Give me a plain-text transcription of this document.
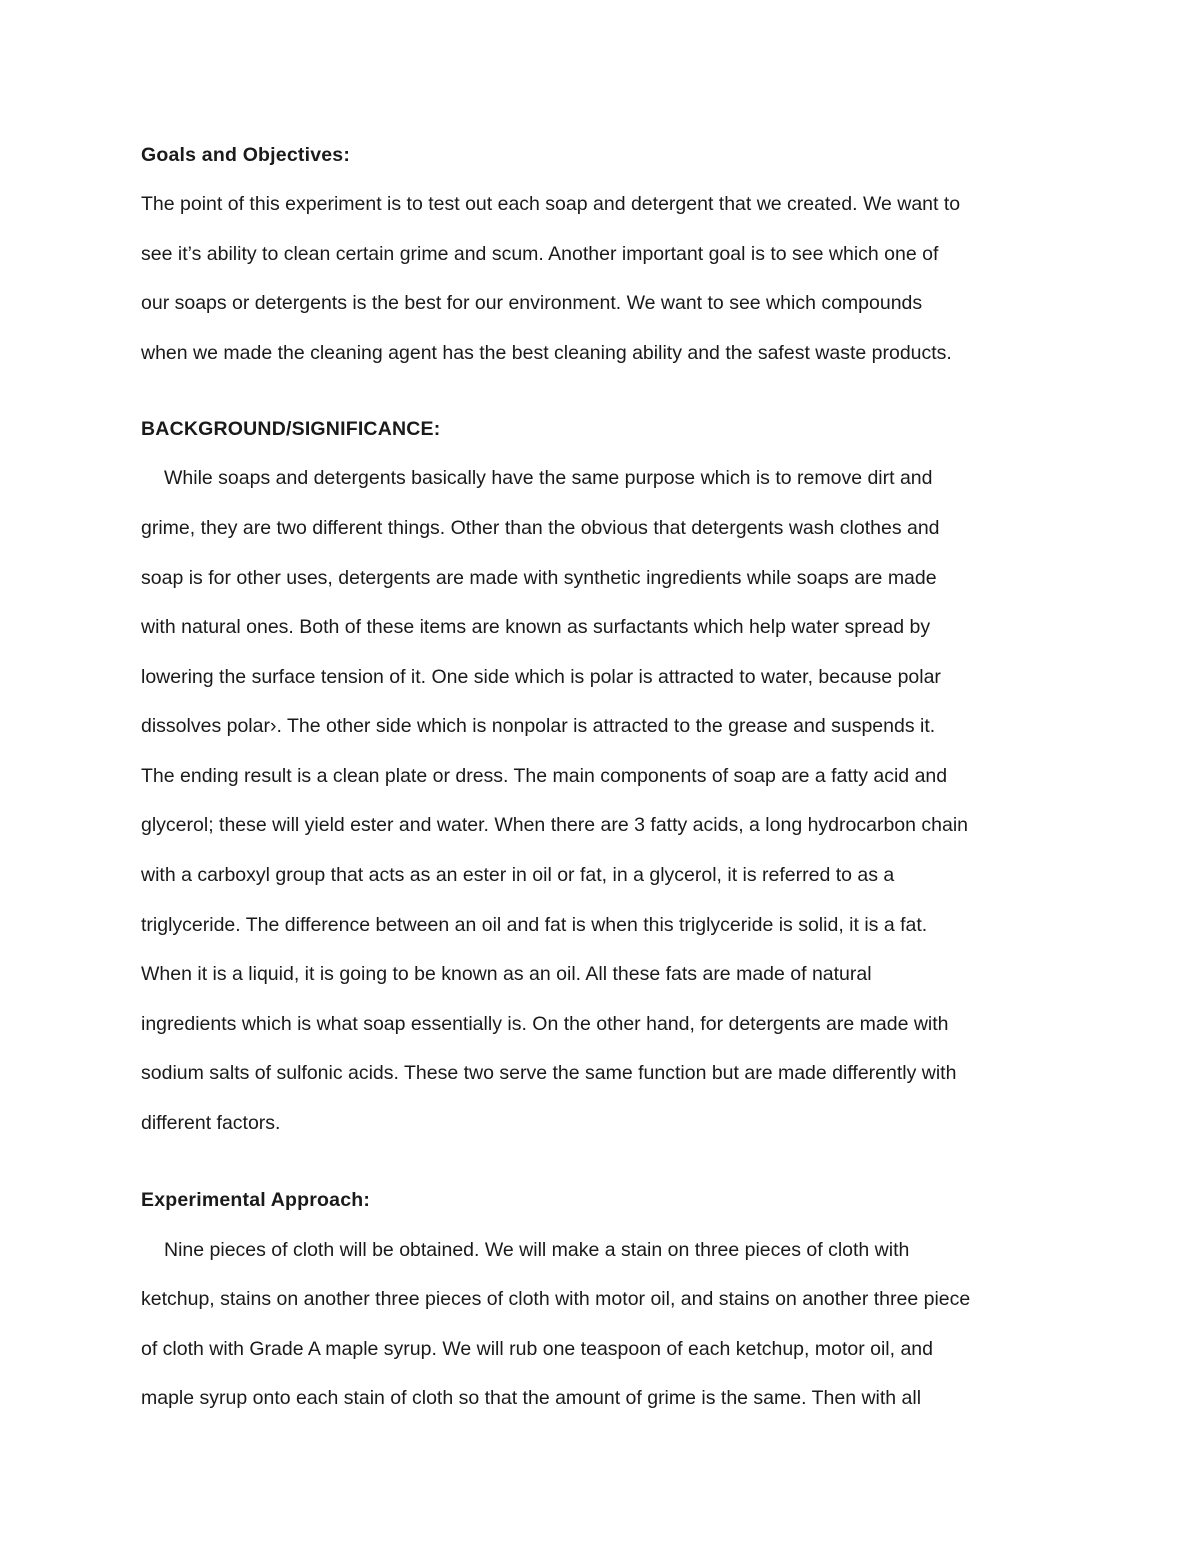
Goals and Objectives:
The point of this experiment is to test out each soap and detergent that we created. We want to
see it’s ability to clean certain grime and scum. Another important goal is to see which one of
our soaps or detergents is the best for our environment. We want to see which compounds
when we made the cleaning agent has the best cleaning ability and the safest waste products.
BACKGROUND/SIGNIFICANCE:
While soaps and detergents basically have the same purpose which is to remove dirt and
grime, they are two different things. Other than the obvious that detergents wash clothes and
soap is for other uses, detergents are made with synthetic ingredients while soaps are made
with natural ones. Both of these items are known as surfactants which help water spread by
lowering the surface tension of it. One side which is polar is attracted to water, because polar
dissolves polar›. The other side which is nonpolar is attracted to the grease and suspends it.
The ending result is a clean plate or dress. The main components of soap are a fatty acid and
glycerol; these will yield ester and water. When there are 3 fatty acids, a long hydrocarbon chain
with a carboxyl group that acts as an ester in oil or fat, in a glycerol, it is referred to as a
triglyceride. The difference between an oil and fat is when this triglyceride is solid, it is a fat.
When it is a liquid, it is going to be known as an oil. All these fats are made of natural
ingredients which is what soap essentially is. On the other hand, for detergents are made with
sodium salts of sulfonic acids. These two serve the same function but are made differently with
different factors.
Experimental Approach:
Nine pieces of cloth will be obtained. We will make a stain on three pieces of cloth with
ketchup, stains on another three pieces of cloth with motor oil, and stains on another three piece
of cloth with Grade A maple syrup. We will rub one teaspoon of each ketchup, motor oil, and
maple syrup onto each stain of cloth so that the amount of grime is the same. Then with all
